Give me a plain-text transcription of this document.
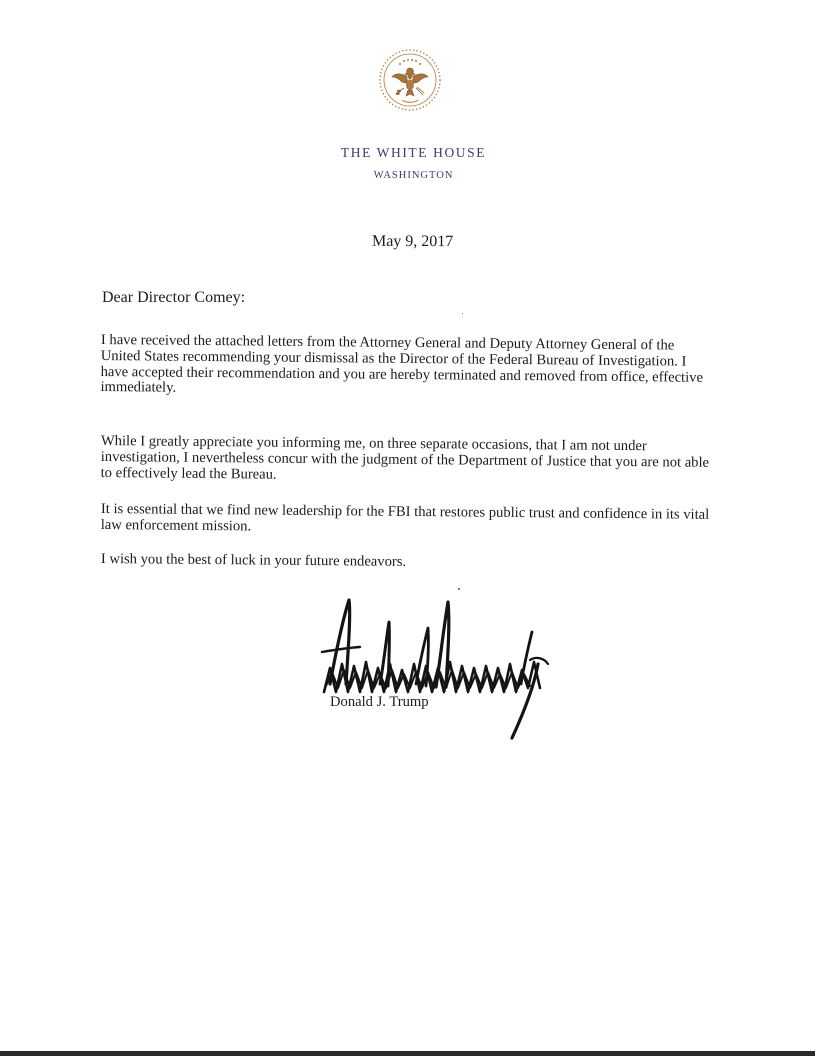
THE WHITE HOUSE
WASHINGTON
May 9, 2017
Dear Director Comey:

I have received the attached letters from the Attorney General and Deputy Attorney General of the United States recommending your dismissal as the Director of the Federal Bureau of Investigation. I have accepted their recommendation and you are hereby terminated and removed from office, effective immediately.

While I greatly appreciate you informing me, on three separate occasions, that I am not under investigation, I nevertheless concur with the judgment of the Department of Justice that you are not able to effectively lead the Bureau.

It is essential that we find new leadership for the FBI that restores public trust and confidence in its vital law enforcement mission.

I wish you the best of luck in your future endeavors.

Donald J. Trump
